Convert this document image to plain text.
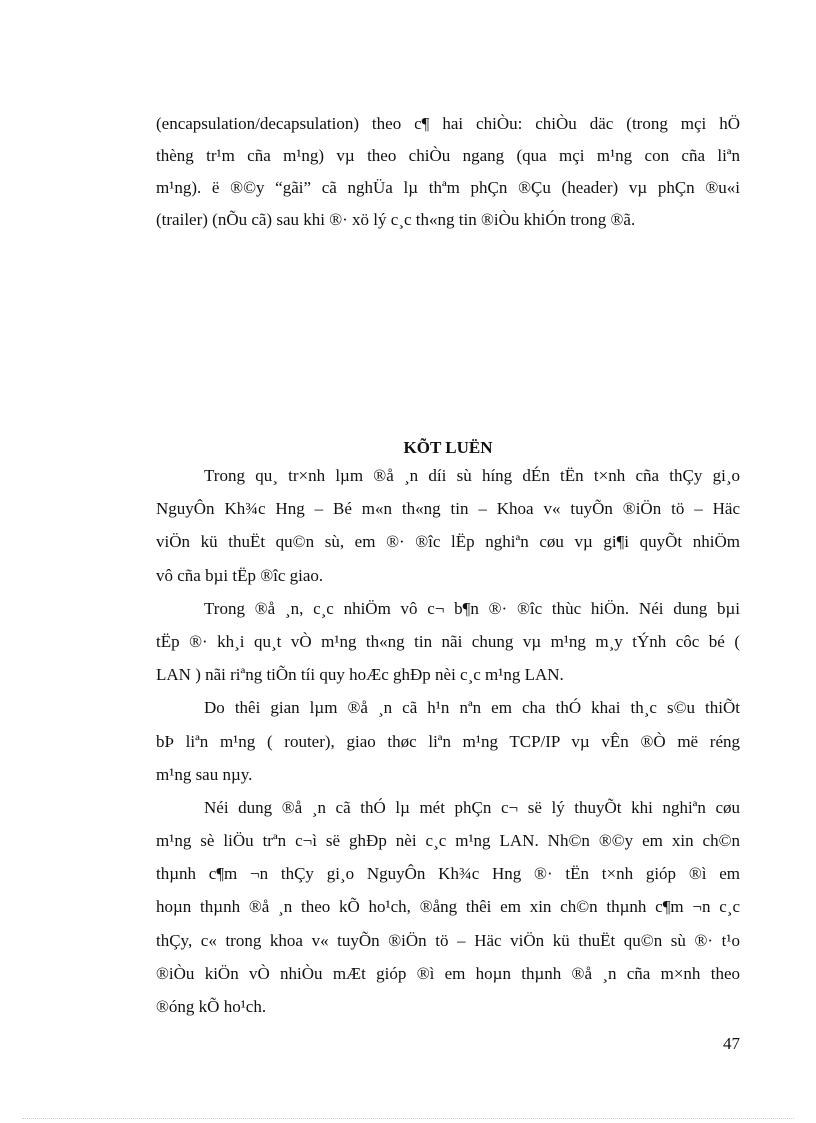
(encapsulation/decapsulation) theo c¶ hai chiÒu: chiÒu däc (trong mçi hÖ
thèng tr¹m cña m¹ng) vµ theo chiÒu ngang (qua mçi m¹ng con cña liªn
m¹ng). ë ®©y “gãi” cã nghÜa lµ thªm phÇn ®Çu (header) vµ phÇn ®u«i
(trailer) (nÕu cã) sau khi ®· xö lý c¸c th«ng tin ®iÒu khiÓn trong ®ã.
KÕT LUËN
Trong qu¸ tr×nh lµm ®å ¸n díi sù híng dÉn tËn t×nh cña thÇy gi¸o
NguyÔn Kh¾c Hng – Bé m«n th«ng tin – Khoa v« tuyÕn ®iÖn tö – Häc
viÖn kü thuËt qu©n sù, em ®· ®îc lËp nghiªn cøu vµ gi¶i quyÕt nhiÖm
vô cña bµi tËp ®îc giao.
Trong ®å ¸n, c¸c nhiÖm vô c¬ b¶n ®· ®îc thùc hiÖn. Néi dung bµi
tËp ®· kh¸i qu¸t vÒ m¹ng th«ng tin nãi chung vµ m¹ng m¸y tÝnh côc bé (
LAN ) nãi riªng tiÕn tíi quy hoÆc ghÐp nèi c¸c m¹ng LAN.
Do thêi gian lµm ®å ¸n cã h¹n nªn em cha thÓ khai th¸c s©u thiÕt
bÞ liªn m¹ng ( router), giao thøc liªn m¹ng TCP/IP vµ vÊn ®Ò më réng
m¹ng sau nµy.
Néi dung ®å ¸n cã thÓ lµ mét phÇn c¬ së lý thuyÕt khi nghiªn cøu
m¹ng sè liÖu trªn c¬ì së ghÐp nèi c¸c m¹ng LAN. Nh©n ®©y em xin ch©n
thµnh c¶m ¬n thÇy gi¸o NguyÔn Kh¾c Hng ®· tËn t×nh gióp ®ì em
hoµn thµnh ®å ¸n theo kÕ ho¹ch, ®ång thêi em xin ch©n thµnh c¶m ¬n c¸c
thÇy, c« trong khoa v« tuyÕn ®iÖn tö – Häc viÖn kü thuËt qu©n sù ®· t¹o
®iÒu kiÖn vÒ nhiÒu mÆt gióp ®ì em hoµn thµnh ®å ¸n cña m×nh theo
®óng kÕ ho¹ch.
47
